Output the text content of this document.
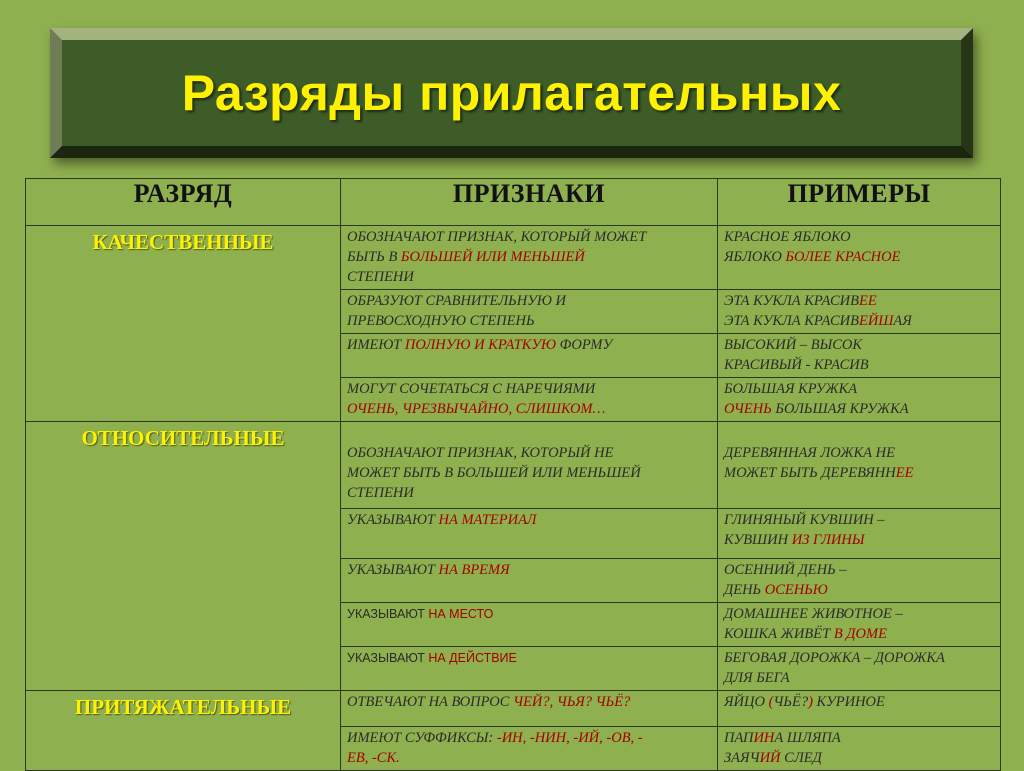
Разряды прилагательных
РАЗРЯД	ПРИЗНАКИ	ПРИМЕРЫ
КАЧЕСТВЕННЫЕ	ОБОЗНАЧАЮТ ПРИЗНАК, КОТОРЫЙ МОЖЕТ
БЫТЬ В БОЛЬШЕЙ ИЛИ МЕНЬШЕЙ
СТЕПЕНИ	КРАСНОЕ ЯБЛОКО
ЯБЛОКО БОЛЕЕ КРАСНОЕ

	ОБРАЗУЮТ СРАВНИТЕЛЬНУЮ И
ПРЕВОСХОДНУЮ СТЕПЕНЬ	ЭТА КУКЛА КРАСИВЕЕ
ЭТА КУКЛА КРАСИВЕЙШАЯ

	ИМЕЮТ ПОЛНУЮ И КРАТКУЮ ФОРМУ	ВЫСОКИЙ – ВЫСОК
КРАСИВЫЙ - КРАСИВ

	МОГУТ СОЧЕТАТЬСЯ С НАРЕЧИЯМИ
ОЧЕНЬ, ЧРЕЗВЫЧАЙНО, СЛИШКОМ…	БОЛЬШАЯ КРУЖКА
ОЧЕНЬ БОЛЬШАЯ КРУЖКА

ОТНОСИТЕЛЬНЫЕ	ОБОЗНАЧАЮТ ПРИЗНАК, КОТОРЫЙ НЕ
МОЖЕТ БЫТЬ В БОЛЬШЕЙ ИЛИ МЕНЬШЕЙ
СТЕПЕНИ	ДЕРЕВЯННАЯ ЛОЖКА НЕ
МОЖЕТ БЫТЬ ДЕРЕВЯННЕЕ

	УКАЗЫВАЮТ НА МАТЕРИАЛ	ГЛИНЯНЫЙ КУВШИН –
КУВШИН ИЗ ГЛИНЫ

	УКАЗЫВАЮТ НА ВРЕМЯ	ОСЕННИЙ ДЕНЬ –
ДЕНЬ ОСЕНЬЮ

	УКАЗЫВАЮТ НА МЕСТО	ДОМАШНЕЕ ЖИВОТНОЕ –
КОШКА ЖИВЁТ В ДОМЕ

	УКАЗЫВАЮТ НА ДЕЙСТВИЕ	БЕГОВАЯ ДОРОЖКА – ДОРОЖКА
ДЛЯ БЕГА

ПРИТЯЖАТЕЛЬНЫЕ	ОТВЕЧАЮТ НА ВОПРОС ЧЕЙ?, ЧЬЯ? ЧЬЁ?	ЯЙЦО (ЧЬЁ?) КУРИНОЕ

	ИМЕЮТ СУФФИКСЫ: -ИН, -НИН, -ИЙ, -ОВ, -
ЕВ, -СК.	ПАПИНА ШЛЯПА
ЗАЯЧИЙ СЛЕД
